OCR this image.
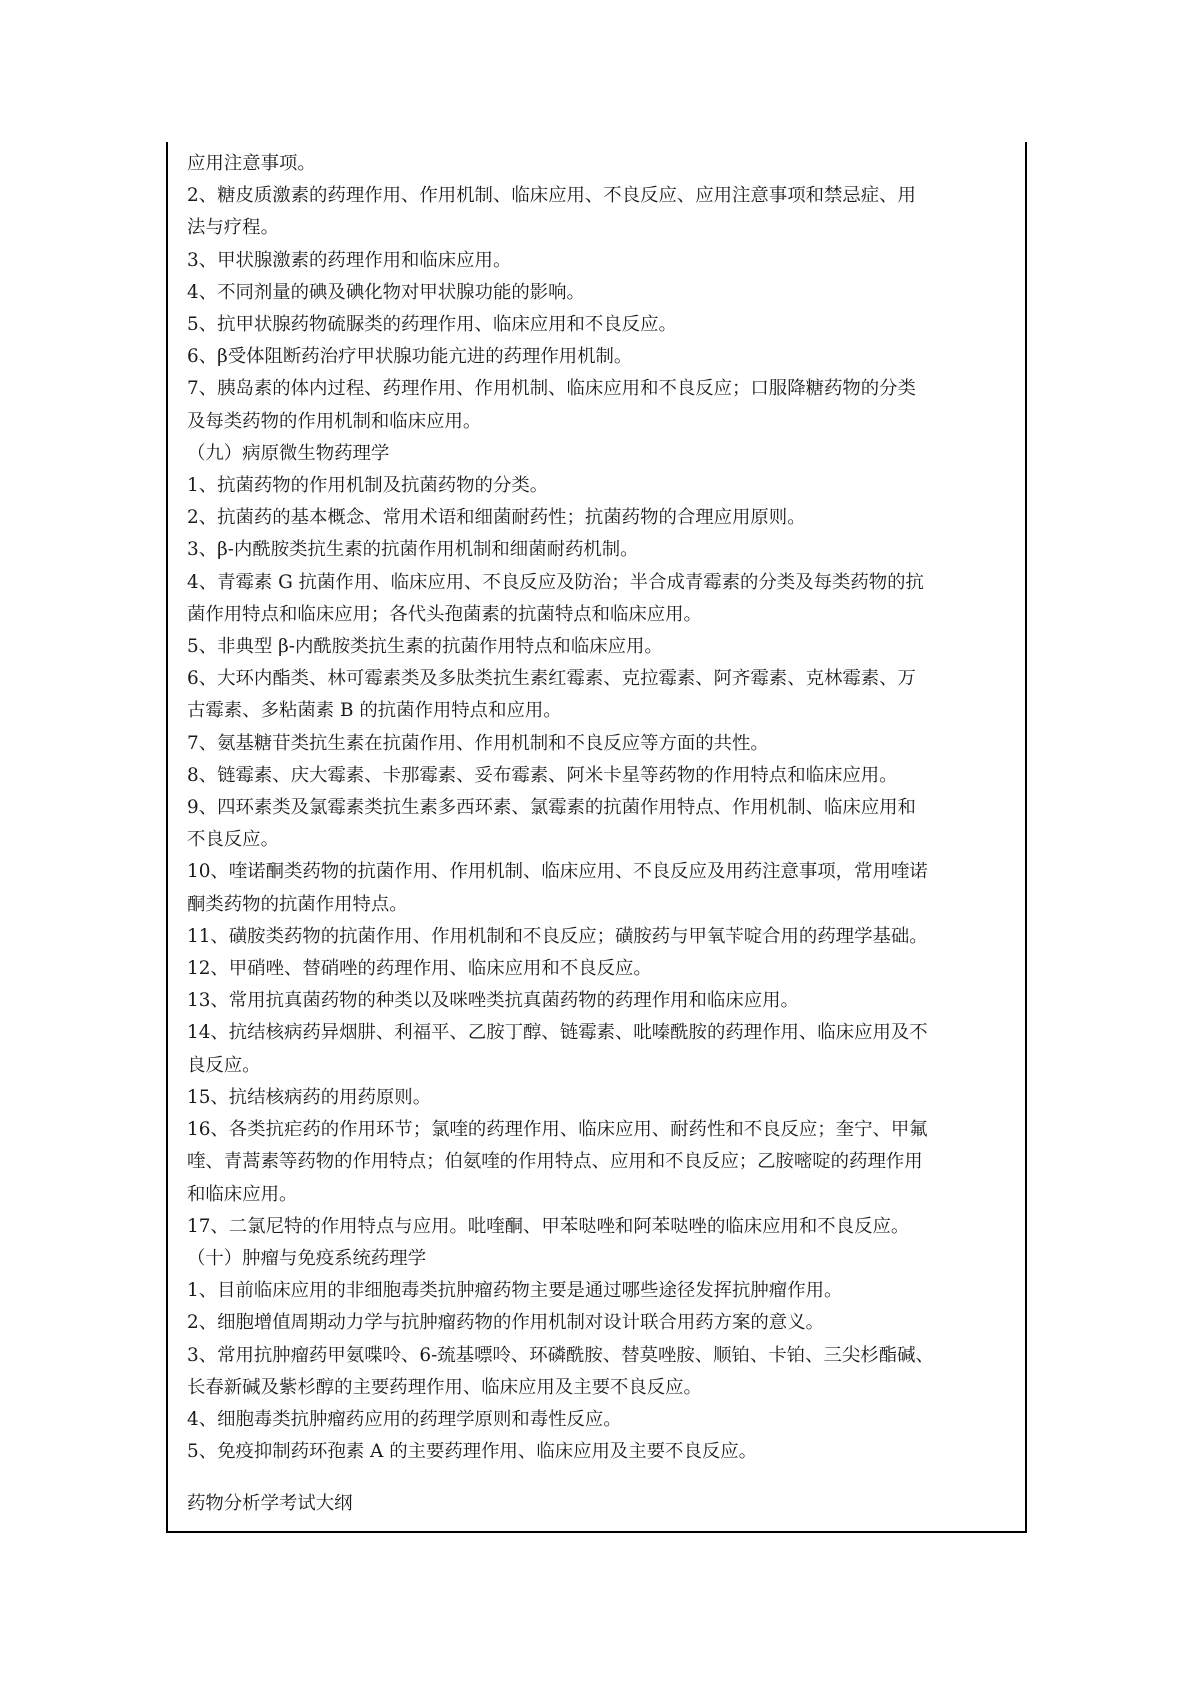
应用注意事项。

2、糖皮质激素的药理作用、作用机制、临床应用、不良反应、应用注意事项和禁忌症、用

法与疗程。

3、甲状腺激素的药理作用和临床应用。

4、不同剂量的碘及碘化物对甲状腺功能的影响。

5、抗甲状腺药物硫脲类的药理作用、临床应用和不良反应。

6、β受体阻断药治疗甲状腺功能亢进的药理作用机制。

7、胰岛素的体内过程、药理作用、作用机制、临床应用和不良反应；口服降糖药物的分类

及每类药物的作用机制和临床应用。

（九）病原微生物药理学

1、抗菌药物的作用机制及抗菌药物的分类。

2、抗菌药的基本概念、常用术语和细菌耐药性；抗菌药物的合理应用原则。

3、β-内酰胺类抗生素的抗菌作用机制和细菌耐药机制。

4、青霉素 G 抗菌作用、临床应用、不良反应及防治；半合成青霉素的分类及每类药物的抗

菌作用特点和临床应用；各代头孢菌素的抗菌特点和临床应用。

5、非典型 β-内酰胺类抗生素的抗菌作用特点和临床应用。

6、大环内酯类、林可霉素类及多肽类抗生素红霉素、克拉霉素、阿齐霉素、克林霉素、万

古霉素、多粘菌素 B 的抗菌作用特点和应用。

7、氨基糖苷类抗生素在抗菌作用、作用机制和不良反应等方面的共性。

8、链霉素、庆大霉素、卡那霉素、妥布霉素、阿米卡星等药物的作用特点和临床应用。

9、四环素类及氯霉素类抗生素多西环素、氯霉素的抗菌作用特点、作用机制、临床应用和

不良反应。

10、喹诺酮类药物的抗菌作用、作用机制、临床应用、不良反应及用药注意事项，常用喹诺

酮类药物的抗菌作用特点。

11、磺胺类药物的抗菌作用、作用机制和不良反应；磺胺药与甲氧苄啶合用的药理学基础。

12、甲硝唑、替硝唑的药理作用、临床应用和不良反应。

13、常用抗真菌药物的种类以及咪唑类抗真菌药物的药理作用和临床应用。

14、抗结核病药异烟肼、利福平、乙胺丁醇、链霉素、吡嗪酰胺的药理作用、临床应用及不

良反应。

15、抗结核病药的用药原则。

16、各类抗疟药的作用环节；氯喹的药理作用、临床应用、耐药性和不良反应；奎宁、甲氟

喹、青蒿素等药物的作用特点；伯氨喹的作用特点、应用和不良反应；乙胺嘧啶的药理作用

和临床应用。

17、二氯尼特的作用特点与应用。吡喹酮、甲苯哒唑和阿苯哒唑的临床应用和不良反应。

（十）肿瘤与免疫系统药理学

1、目前临床应用的非细胞毒类抗肿瘤药物主要是通过哪些途径发挥抗肿瘤作用。

2、细胞增值周期动力学与抗肿瘤药物的作用机制对设计联合用药方案的意义。

3、常用抗肿瘤药甲氨喋呤、6-巯基嘌呤、环磷酰胺、替莫唑胺、顺铂、卡铂、三尖杉酯碱、

长春新碱及紫杉醇的主要药理作用、临床应用及主要不良反应。

4、细胞毒类抗肿瘤药应用的药理学原则和毒性反应。

5、免疫抑制药环孢素 A 的主要药理作用、临床应用及主要不良反应。

药物分析学考试大纲
